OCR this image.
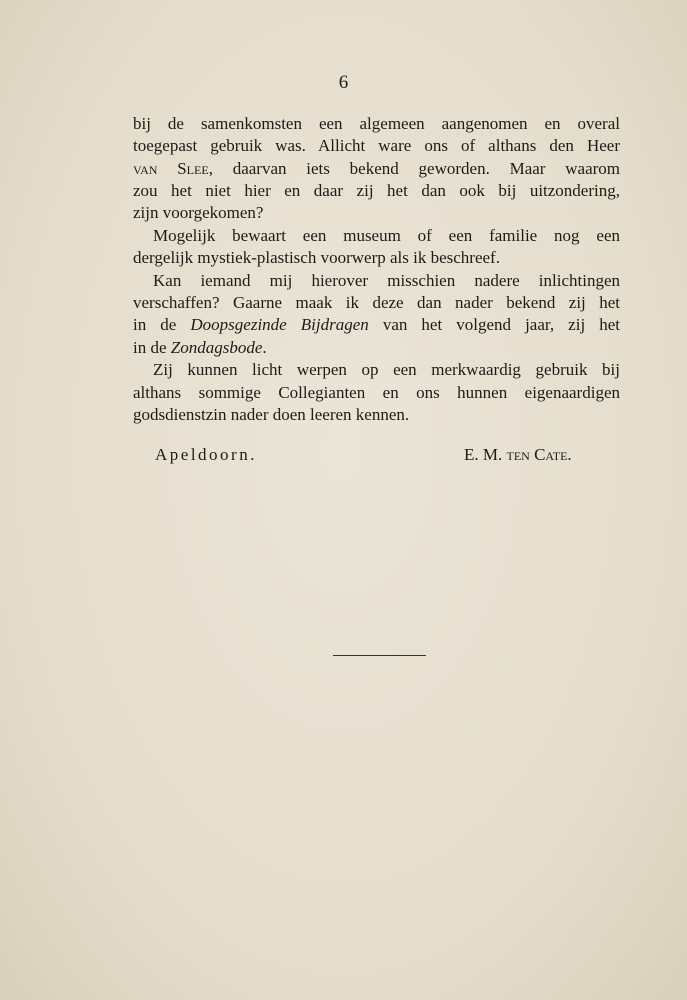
6
bij de samenkomsten een algemeen aangenomen en overal
toegepast gebruik was. Allicht ware ons of althans den Heer
van Slee, daarvan iets bekend geworden. Maar waarom
zou het niet hier en daar zij het dan ook bij uitzondering,
zijn voorgekomen?
Mogelijk bewaart een museum of een familie nog een
dergelijk mystiek-plastisch voorwerp als ik beschreef.
Kan iemand mij hierover misschien nadere inlichtingen
verschaffen? Gaarne maak ik deze dan nader bekend zij het
in de Doopsgezinde Bijdragen van het volgend jaar, zij het
in de Zondagsbode.
Zij kunnen licht werpen op een merkwaardig gebruik bij
althans sommige Collegianten en ons hunnen eigenaardigen
godsdienstzin nader doen leeren kennen.
Apeldoorn.	E. M. ten Cate.
